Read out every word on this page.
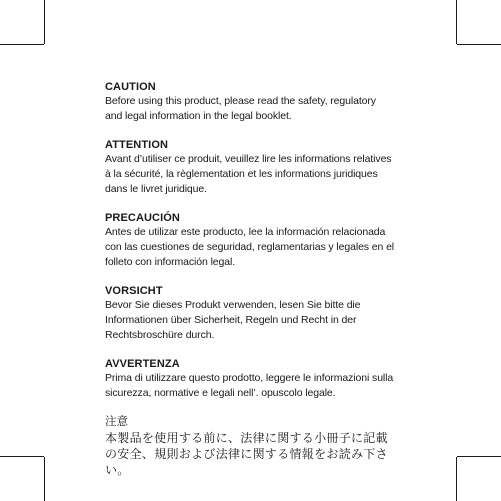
CAUTION
Before using this product, please read the safety, regulatory and legal information in the legal booklet.
ATTENTION
Avant d’utiliser ce produit, veuillez lire les informations relatives à la sécurité, la règlementation et les informations juridiques dans le livret juridique.
PRECAUCIÓN
Antes de utilizar este producto, lee la información relacionada con las cuestiones de seguridad, reglamentarias y legales en el folleto con información legal.
VORSICHT
Bevor Sie dieses Produkt verwenden, lesen Sie bitte die Informationen über Sicherheit, Regeln und Recht in der Rechtsbroschüre durch.
AVVERTENZA
Prima di utilizzare questo prodotto, leggere le informazioni sulla sicurezza, normative e legali nell’. opuscolo legale.
注意
本製品を使用する前に、法律に関する小冊子に記載の安全、規則および法律に関する情報をお読み下さい。
